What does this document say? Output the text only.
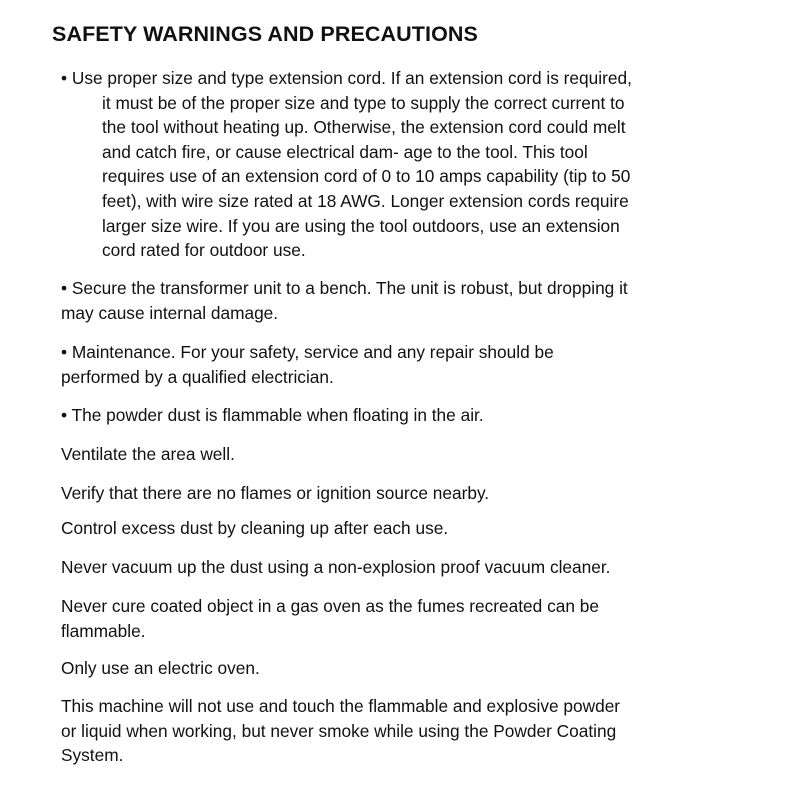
SAFETY WARNINGS AND PRECAUTIONS
• Use proper size and type extension cord. If an extension cord is required,
it must be of the proper size and type to supply the correct current to
the tool without heating up. Otherwise, the extension cord could melt
and catch fire, or cause electrical dam- age to the tool. This tool
requires use of an extension cord of 0 to 10 amps capability (tip to 50
feet), with wire size rated at 18 AWG. Longer extension cords require
larger size wire. If you are using the tool outdoors, use an extension
cord rated for outdoor use.

• Secure the transformer unit to a bench. The unit is robust, but dropping it
may cause internal damage.

• Maintenance. For your safety, service and any repair should be
performed by a qualified electrician.

• The powder dust is flammable when floating in the air.

Ventilate the area well.

Verify that there are no flames or ignition source nearby.

Control excess dust by cleaning up after each use.

Never vacuum up the dust using a non-explosion proof vacuum cleaner.

Never cure coated object in a gas oven as the fumes recreated can be
flammable.

Only use an electric oven.

This machine will not use and touch the flammable and explosive powder
or liquid when working, but never smoke while using the Powder Coating
System.
